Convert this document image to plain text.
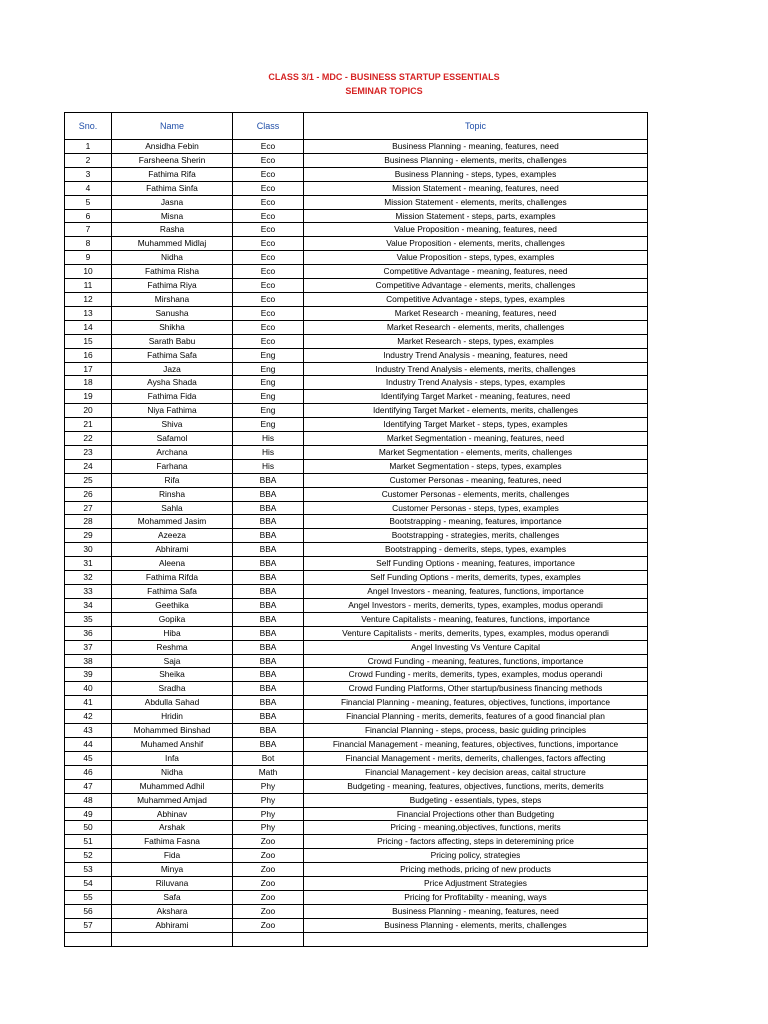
CLASS 3/1 - MDC - BUSINESS STARTUP ESSENTIALS
SEMINAR TOPICS
Sno.	Name	Class	Topic
1	Ansidha Febin	Eco	Business Planning - meaning, features, need
2	Farsheena Sherin	Eco	Business Planning - elements, merits, challenges
3	Fathima Rifa	Eco	Business Planning - steps, types, examples
4	Fathima Sinfa	Eco	Mission Statement - meaning, features, need
5	Jasna	Eco	Mission Statement - elements, merits, challenges
6	Misna	Eco	Mission Statement - steps, parts, examples
7	Rasha	Eco	Value Proposition - meaning, features, need
8	Muhammed Midlaj	Eco	Value Proposition - elements, merits, challenges
9	Nidha	Eco	Value Proposition - steps, types, examples
10	Fathima Risha	Eco	Competitive Advantage - meaning, features, need
11	Fathima Riya	Eco	Competitive Advantage - elements, merits, challenges
12	Mirshana	Eco	Competitive Advantage - steps, types, examples
13	Sanusha	Eco	Market Research - meaning, features, need
14	Shikha	Eco	Market Research - elements, merits, challenges
15	Sarath Babu	Eco	Market Research - steps, types, examples
16	Fathima Safa	Eng	Industry Trend Analysis - meaning, features, need
17	Jaza	Eng	Industry Trend Analysis - elements, merits, challenges
18	Aysha Shada	Eng	Industry Trend Analysis - steps, types, examples
19	Fathima Fida	Eng	Identifying Target Market - meaning, features, need
20	Niya Fathima	Eng	Identifying Target Market - elements, merits, challenges
21	Shiva	Eng	Identifying Target Market - steps, types, examples
22	Safamol	His	Market Segmentation - meaning, features, need
23	Archana	His	Market Segmentation - elements, merits, challenges
24	Farhana	His	Market Segmentation - steps, types, examples
25	Rifa	BBA	Customer Personas - meaning, features, need
26	Rinsha	BBA	Customer Personas - elements, merits, challenges
27	Sahla	BBA	Customer Personas - steps, types, examples
28	Mohammed Jasim	BBA	Bootstrapping - meaning, features, importance
29	Azeeza	BBA	Bootstrapping - strategies, merits, challenges
30	Abhirami	BBA	Bootstrapping - demerits, steps, types, examples
31	Aleena	BBA	Self Funding Options - meaning, features, importance
32	Fathima Rifda	BBA	Self Funding Options - merits, demerits, types, examples
33	Fathima Safa	BBA	Angel Investors - meaning, features, functions, importance
34	Geethika	BBA	Angel Investors - merits, demerits, types, examples, modus operandi
35	Gopika	BBA	Venture Capitalists - meaning, features, functions, importance
36	Hiba	BBA	Venture Capitalists - merits, demerits, types, examples, modus operandi
37	Reshma	BBA	Angel Investing Vs Venture Capital
38	Saja	BBA	Crowd Funding - meaning, features, functions, importance
39	Sheika	BBA	Crowd Funding - merits, demerits, types, examples, modus operandi
40	Sradha	BBA	Crowd Funding Platforms, Other startup/business financing methods
41	Abdulla Sahad	BBA	Financial Planning - meaning, features, objectives, functions, importance
42	Hridin	BBA	Financial Planning - merits, demerits, features of a good financial plan
43	Mohammed Binshad	BBA	Financial Planning - steps, process, basic guiding principles
44	Muhamed Anshif	BBA	Financial Management - meaning, features, objectives, functions, importance
45	Infa	Bot	Financial Management - merits, demerits, challenges, factors affecting
46	Nidha	Math	Financial Management - key decision areas, caital structure
47	Muhammed Adhil	Phy	Budgeting - meaning, features, objectives, functions, merits, demerits
48	Muhammed Amjad	Phy	Budgeting - essentials, types, steps
49	Abhinav	Phy	Financial Projections other than Budgeting
50	Arshak	Phy	Pricing - meaning,objectives, functions, merits
51	Fathima Fasna	Zoo	Pricing - factors affecting, steps in deteremining price
52	Fida	Zoo	Pricing policy, strategies
53	Minya	Zoo	Pricing methods, pricing of new products
54	Riluvana	Zoo	Price Adjustment Strategies
55	Safa	Zoo	Pricing for Profitabilty - meaning, ways
56	Akshara	Zoo	Business Planning - meaning, features, need
57	Abhirami	Zoo	Business Planning - elements, merits, challenges
